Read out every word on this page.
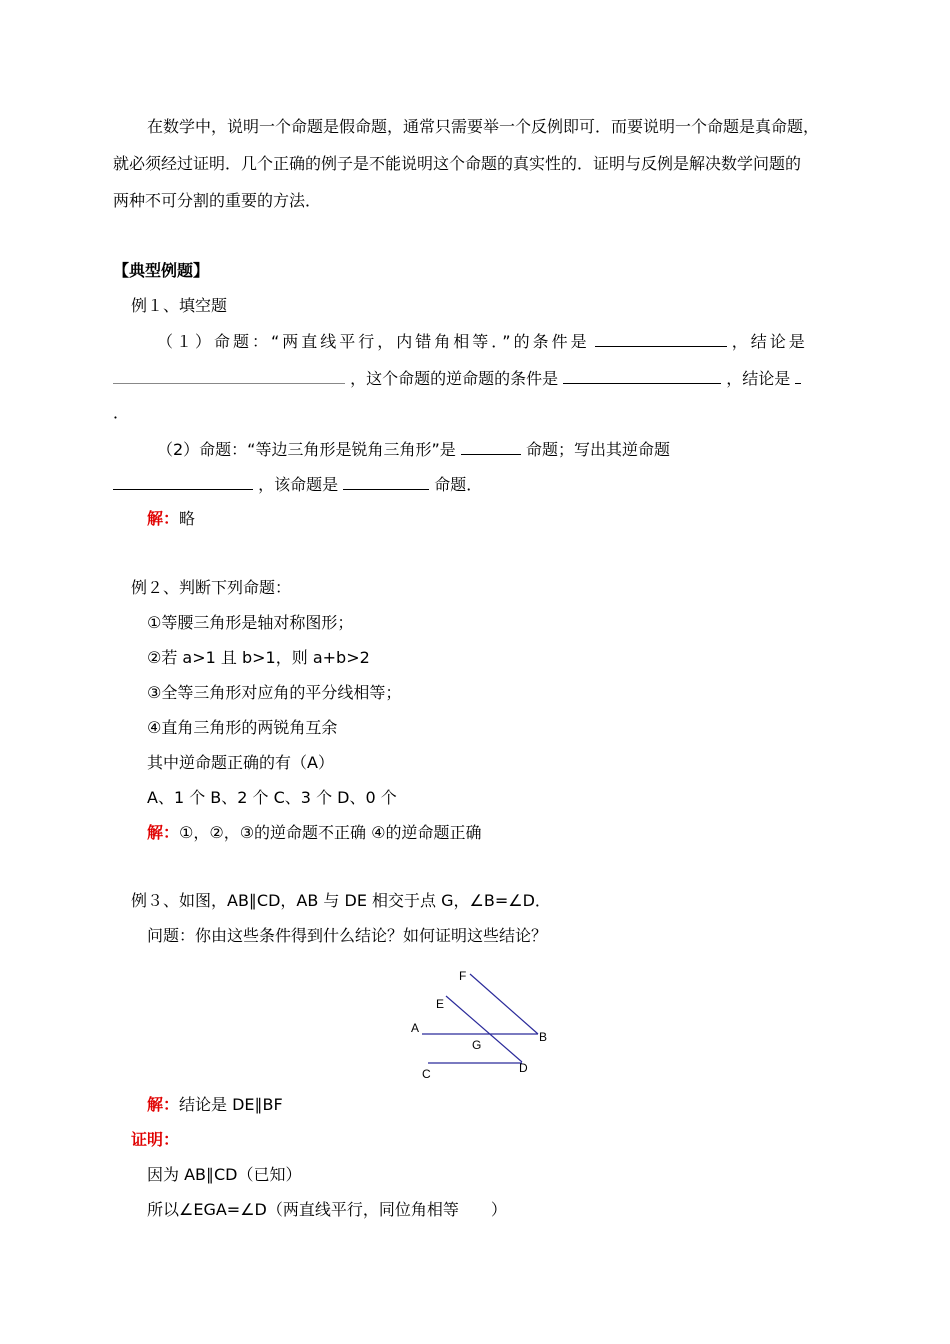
在数学中，说明一个命题是假命题，通常只需要举一个反例即可．而要说明一个命题是真命题，
就必须经过证明．几个正确的例子是不能说明这个命题的真实性的．证明与反例是解决数学问题的
两种不可分割的重要的方法．
【典型例题】
例１、填空题
（１）命题：“两直线平行，内错角相等．”的条件是	，结论是
，这个命题的逆命题的条件是	，结论是
．
（2）命题：“等边三角形是锐角三角形”是	命题；写出其逆命题
，该命题是	命题．
解：略
例２、判断下列命题：
①等腰三角形是轴对称图形；
②若 a>1 且 b>1，则 a+b>2
③全等三角形对应角的平分线相等；
④直角三角形的两锐角互余
其中逆命题正确的有（A）
A、1 个 B、2 个 C、3 个 D、0 个
解：①，②，③的逆命题不正确 ④的逆命题正确
例３、如图，AB∥CD，AB 与 DE 相交于点 G，∠B=∠D．
问题：你由这些条件得到什么结论？如何证明这些结论？
F
E
A
G
B
C	D
解：结论是 DE∥BF
证明：
因为 AB∥CD（已知）
所以∠EGA=∠D（两直线平行，同位角相等　　）
